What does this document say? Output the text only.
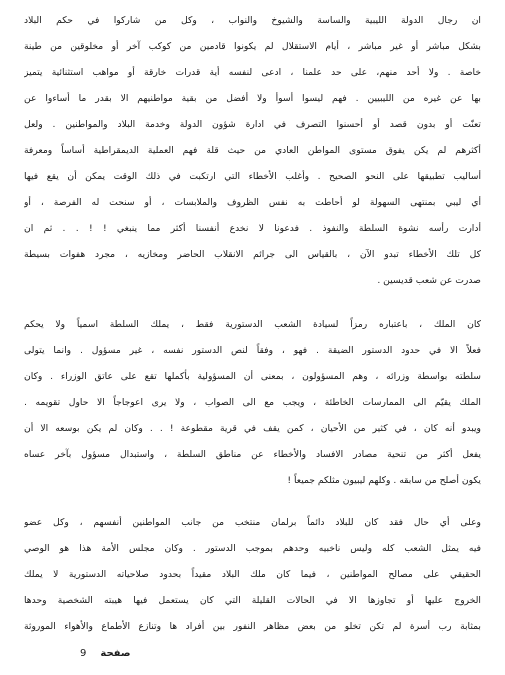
ان رجال الدولة الليبية والساسة والشيوخ والنواب ، وكل من شاركوا في حكم البلاد
بشكل مباشر أو غير مباشر ، أيام الاستقلال لم يكونوا قادمين من كوكب آخر أو مخلوقين من طينة
خاصة . ولا أحد منهم، على حد علمنا ، ادعى لنفسه أية قدرات خارقة أو مواهب استثنائية يتميز
بها عن غيره من الليبيين . فهم ليسوا أسوأ ولا أفضل من بقية مواطنيهم الا بقدر ما أساءوا عن
تعنّت أو بدون قصد أو أحسنوا التصرف في ادارة شؤون الدولة وخدمة البلاد والمواطنين . ولعل
أكثرهم لم يكن يفوق مستوى المواطن العادي من حيث قلة فهم العملية الديمقراطية أساساً ومعرفة
أساليب تطبيقها على النحو الصحيح . وأغلب الأخطاء التي ارتكبت في ذلك الوقت يمكن أن يقع فيها
أي ليبي بمنتهى السهولة لو أحاطت به نفس الظروف والملابسات ، أو سنحت له الفرصة ، أو
أدارت رأسه نشوة السلطة والنفوذ . فدعونا لا نخدع أنفسنا أكثر مما ينبغي ! ! . . ثم ان
كل تلك الأخطاء تبدو الآن ، بالقياس الى جرائم الانقلاب الحاضر ومخازيه ، مجرد هفوات بسيطة
صدرت عن شعب قديسين .
كان الملك ، باعتباره رمزاً لسيادة الشعب الدستورية فقط ، يملك السلطة اسمياً ولا يحكم
فعلاً الا في حدود الدستور الضيقة . فهو ، وفقاً لنص الدستور نفسه ، غير مسؤول . وانما يتولى
سلطته بواسطة وزرائه ، وهم المسؤولون ، بمعنى أن المسؤولية بأكملها تقع على عاتق الوزراء . وكان
الملك يقيّم الى الممارسات الخاطئة ، ويجب مع الى الصواب ، ولا يرى اعوجاجاً الا حاول تقويمه .
ويبدو أنه كان ، في كثير من الأحيان ، كمن يقف في قرية مقطوعة ! . . وكان لم يكن بوسعه الا أن
يفعل أكثر من تنحية مصادر الافساد والأخطاء عن مناطق السلطة ، واستبدال مسؤول بآخر عساه
يكون أصلح من سابقه . وكلهم ليبيون مثلكم جميعاً !
وعلى أي حال فقد كان للبلاد دائماً برلمان منتخب من جانب المواطنين أنفسهم ، وكل عضو
فيه يمثل الشعب كله وليس ناخبيه وحدهم بموجب الدستور . وكان مجلس الأمة هذا هو الوصي
الحقيقي على مصالح المواطنين ، فيما كان ملك البلاد مقيداً بحدود صلاحياته الدستورية لا يملك
الخروج عليها أو تجاوزها الا في الحالات القليلة التي كان يستعمل فيها هيبته الشخصية وحدها
بمثابة رب أسرة لم تكن تخلو من بعض مظاهر النفور بين أفراد ها وتنازع الأطماع والأهواء الموروثة
9 صفحة
